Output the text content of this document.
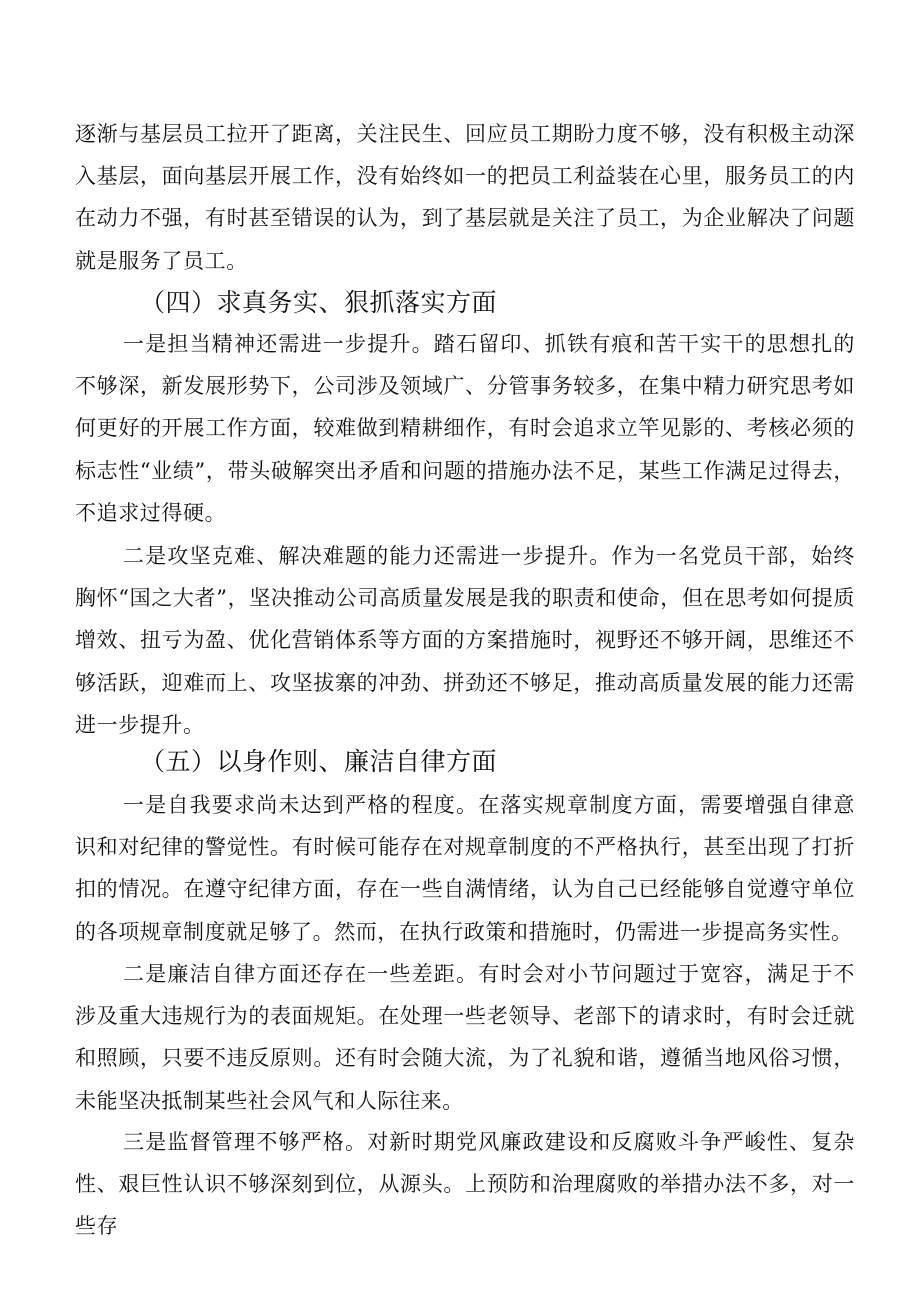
逐渐与基层员工拉开了距离，关注民生、回应员工期盼力度不够，没有积极主动深入基层，面向基层开展工作，没有始终如一的把员工利益装在心里，服务员工的内在动力不强，有时甚至错误的认为，到了基层就是关注了员工，为企业解决了问题就是服务了员工。

（四）求真务实、狠抓落实方面

一是担当精神还需进一步提升。踏石留印、抓铁有痕和苦干实干的思想扎的不够深，新发展形势下，公司涉及领域广、分管事务较多，在集中精力研究思考如何更好的开展工作方面，较难做到精耕细作，有时会追求立竿见影的、考核必须的标志性“业绩”，带头破解突出矛盾和问题的措施办法不足，某些工作满足过得去，不追求过得硬。

二是攻坚克难、解决难题的能力还需进一步提升。作为一名党员干部，始终胸怀“国之大者”，坚决推动公司高质量发展是我的职责和使命，但在思考如何提质增效、扭亏为盈、优化营销体系等方面的方案措施时，视野还不够开阔，思维还不够活跃，迎难而上、攻坚拔寨的冲劲、拼劲还不够足，推动高质量发展的能力还需进一步提升。

（五）以身作则、廉洁自律方面

一是自我要求尚未达到严格的程度。在落实规章制度方面，需要增强自律意识和对纪律的警觉性。有时候可能存在对规章制度的不严格执行，甚至出现了打折扣的情况。在遵守纪律方面，存在一些自满情绪，认为自己已经能够自觉遵守单位的各项规章制度就足够了。然而，在执行政策和措施时，仍需进一步提高务实性。

二是廉洁自律方面还存在一些差距。有时会对小节问题过于宽容，满足于不涉及重大违规行为的表面规矩。在处理一些老领导、老部下的请求时，有时会迁就和照顾，只要不违反原则。还有时会随大流，为了礼貌和谐，遵循当地风俗习惯，未能坚决抵制某些社会风气和人际往来。

三是监督管理不够严格。对新时期党风廉政建设和反腐败斗争严峻性、复杂性、艰巨性认识不够深刻到位，从源头。上预防和治理腐败的举措办法不多，对一些存
